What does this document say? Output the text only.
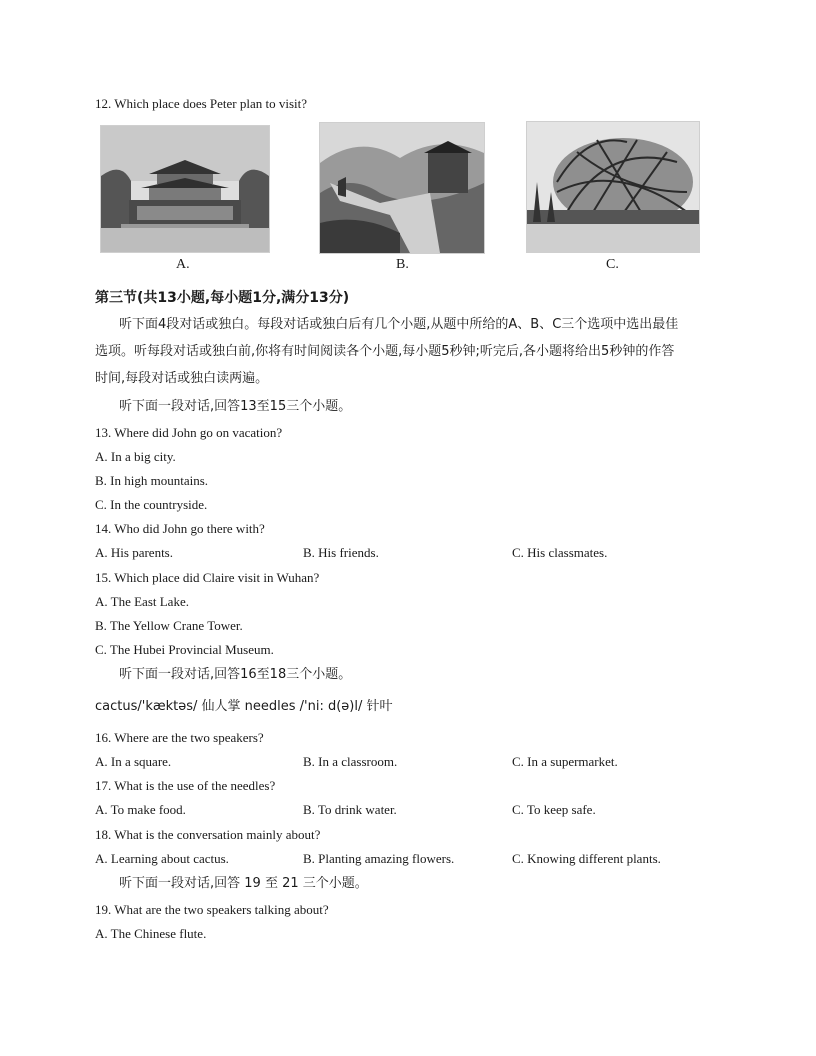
12. Which place does Peter plan to visit?
A.	B.	C.
第三节(共13小题,每小题1分,满分13分)
听下面4段对话或独白。每段对话或独白后有几个小题,从题中所给的A、B、C三个选项中选出最佳
选项。听每段对话或独白前,你将有时间阅读各个小题,每小题5秒钟;听完后,各小题将给出5秒钟的作答
时间,每段对话或独白读两遍。
听下面一段对话,回答13至15三个小题。
13. Where did John go on vacation?
A. In a big city.
B. In high mountains.
C. In the countryside.
14. Who did John go there with?
A. His parents.	B. His friends.	C. His classmates.
15. Which place did Claire visit in Wuhan?
A. The East Lake.
B. The Yellow Crane Tower.
C. The Hubei Provincial Museum.
听下面一段对话,回答16至18三个小题。
cactus/'kæktəs/ 仙人掌 needles /'ni: d(ə)l/ 针叶
16. Where are the two speakers?
A. In a square.	B. In a classroom.	C. In a supermarket.
17. What is the use of the needles?
A. To make food.	B. To drink water.	C. To keep safe.
18. What is the conversation mainly about?
A. Learning about cactus.	B. Planting amazing flowers.	C. Knowing different plants.
听下面一段对话,回答 19 至 21 三个小题。
19. What are the two speakers talking about?
A. The Chinese flute.
